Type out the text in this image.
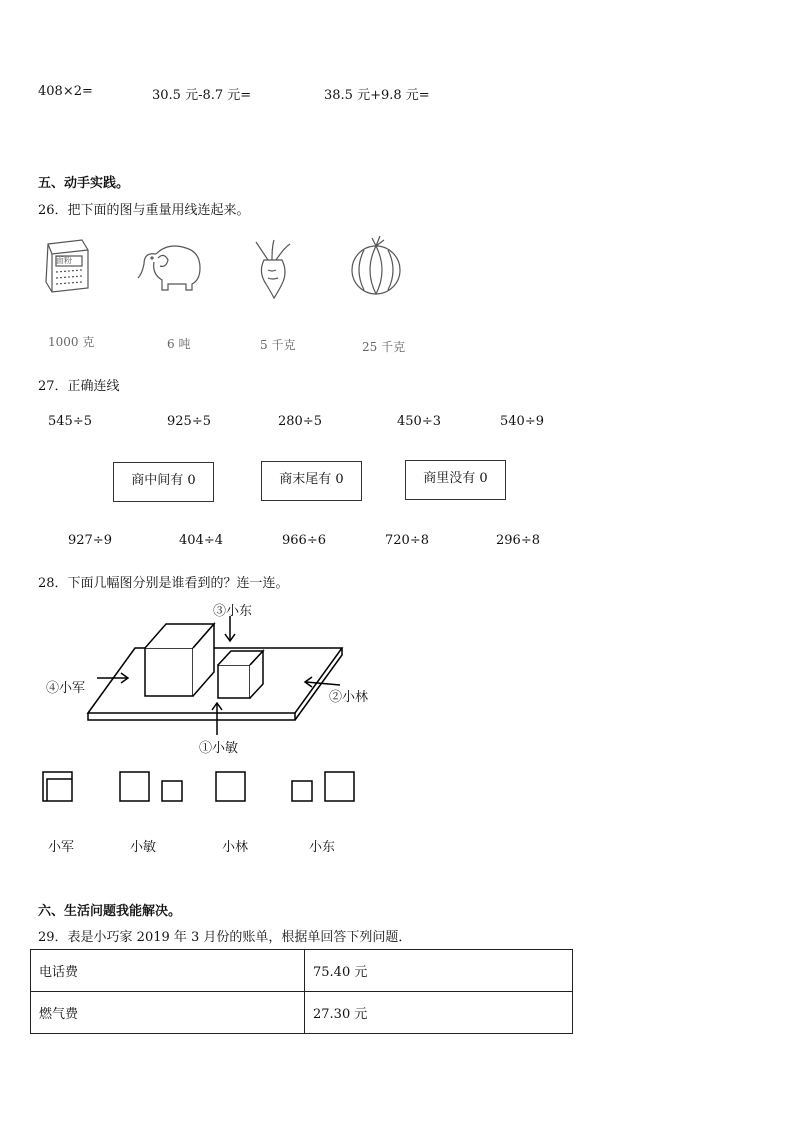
408×2=	30.5 元-8.7 元=	38.5 元+9.8 元=
五、动手实践。
26．把下面的图与重量用线连起来。
面粉
1000 克	6 吨	5 千克	25 千克
27．正确连线
545÷5	925÷5	280÷5	450÷3	540÷9
商中间有 0	商末尾有 0	商里没有 0
927÷9	404÷4	966÷6	720÷8	296÷8
28．下面几幅图分别是谁看到的？连一连。
③小东
④小军
②小林
①小敏
小军	小敏	小林	小东
六、生活问题我能解决。
29．表是小巧家 2019 年 3 月份的账单，根据单回答下列问题．
电话费	75.40 元
燃气费	27.30 元
